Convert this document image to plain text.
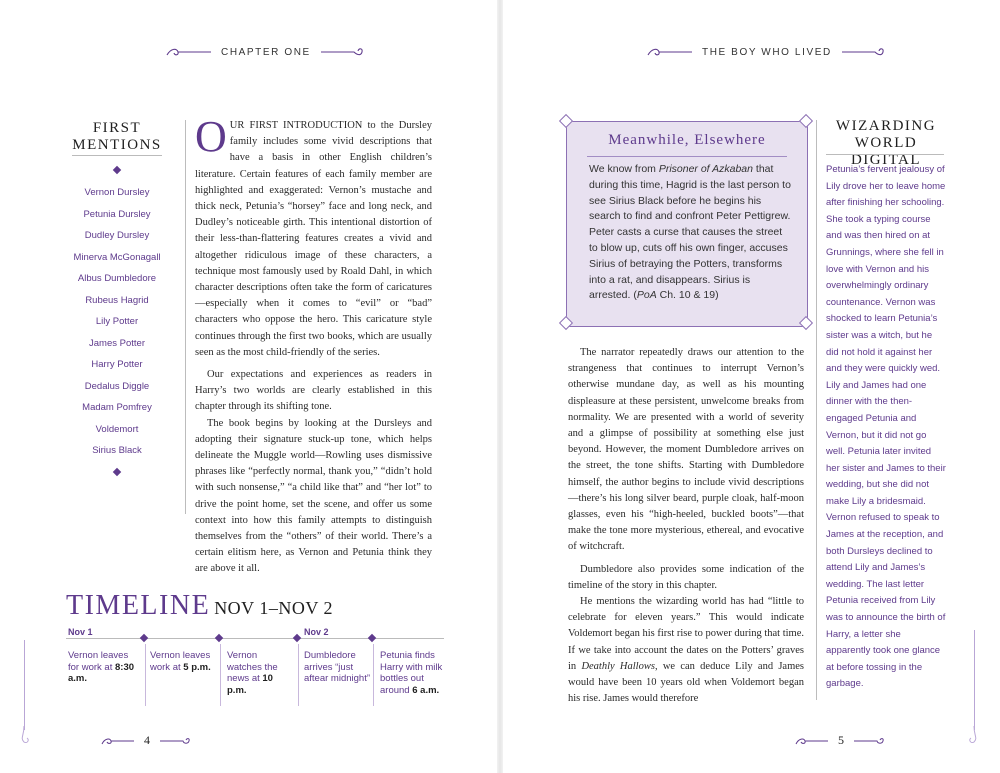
CHAPTER ONE	THE BOY WHO LIVED
FIRST
MENTIONS
Vernon Dursley
Petunia Dursley
Dudley Dursley
Minerva McGonagall
Albus Dumbledore
Rubeus Hagrid
Lily Potter
James Potter
Harry Potter
Dedalus Diggle
Madam Pomfrey
Voldemort
Sirius Black

OUR FIRST INTRODUCTION to the Dursley family includes some vivid descriptions that have a basis in other English children’s literature. Certain features of each family member are highlighted and exaggerated: Vernon’s mustache and thick neck, Petunia’s “horsey” face and long neck, and Dudley’s noticeable girth. This intentional distortion of their less-than-flattering features creates a vivid and altogether ridiculous image of these characters, a technique most famously used by Roald Dahl, in which character descriptions often take the form of caricatures—especially when it comes to “evil” or “bad” characters who oppose the hero. This caricature style continues through the first two books, which are usually seen as the most child-friendly of the series.

Our expectations and experiences as readers in Harry’s two worlds are clearly established in this chapter through its shifting tone.

The book begins by looking at the Dursleys and adopting their signature stuck-up tone, which helps delineate the Muggle world—Rowling uses dismissive phrases like “perfectly normal, thank you,” “didn’t hold with such nonsense,” “a child like that” and “her lot” to drive the point home, set the scene, and offer us some context into how this family attempts to distinguish themselves from the “others” of their world. There’s a certain elitism here, as Vernon and Petunia think they are above it all.

TIMELINE NOV 1–NOV 2
Nov 1	Nov 2
Vernon leaves for work at 8:30 a.m.
Vernon leaves work at 5 p.m.
Vernon watches the news at 10 p.m.
Dumbledore arrives “just aftear midnight”
Petunia finds Harry with milk bottles out around 6 a.m.
4	5
Meanwhile, Elsewhere
We know from Prisoner of Azkaban that during this time, Hagrid is the last person to see Sirius Black before he begins his search to find and confront Peter Pettigrew. Peter casts a curse that causes the street to blow up, cuts off his own finger, accuses Sirius of betraying the Potters, transforms into a rat, and disappears. Sirius is arrested. (PoA Ch. 10 & 19)

The narrator repeatedly draws our attention to the strangeness that continues to interrupt Vernon’s otherwise mundane day, as well as his mounting displeasure at these persistent, unwelcome breaks from normality. We are presented with a world of severity and a glimpse of possibility at something else just beyond. However, the moment Dumbledore arrives on the street, the tone shifts. Starting with Dumbledore himself, the author begins to include vivid descriptions—there’s his long silver beard, purple cloak, half-moon glasses, even his “high-heeled, buckled boots”—that make the tone more mysterious, ethereal, and evocative of witchcraft.

Dumbledore also provides some indication of the timeline of the story in this chapter.

He mentions the wizarding world has had “little to celebrate for eleven years.” This would indicate Voldemort began his first rise to power during that time. If we take into account the dates on the Potters’ graves in Deathly Hallows, we can deduce Lily and James would have been 10 years old when Voldemort began his rise. James would therefore

WIZARDING
WORLD DIGITAL
Petunia’s fervent jealousy of Lily drove her to leave home after finishing her schooling. She took a typing course and was then hired on at Grunnings, where she fell in love with Vernon and his overwhelmingly ordinary countenance. Vernon was shocked to learn Petunia’s sister was a witch, but he did not hold it against her and they were quickly wed. Lily and James had one dinner with the then-engaged Petunia and Vernon, but it did not go well. Petunia later invited her sister and James to their wedding, but she did not make Lily a bridesmaid. Vernon refused to speak to James at the reception, and both Dursleys declined to attend Lily and James’s wedding. The last letter Petunia received from Lily was to announce the birth of Harry, a letter she apparently took one glance at before tossing in the garbage.
